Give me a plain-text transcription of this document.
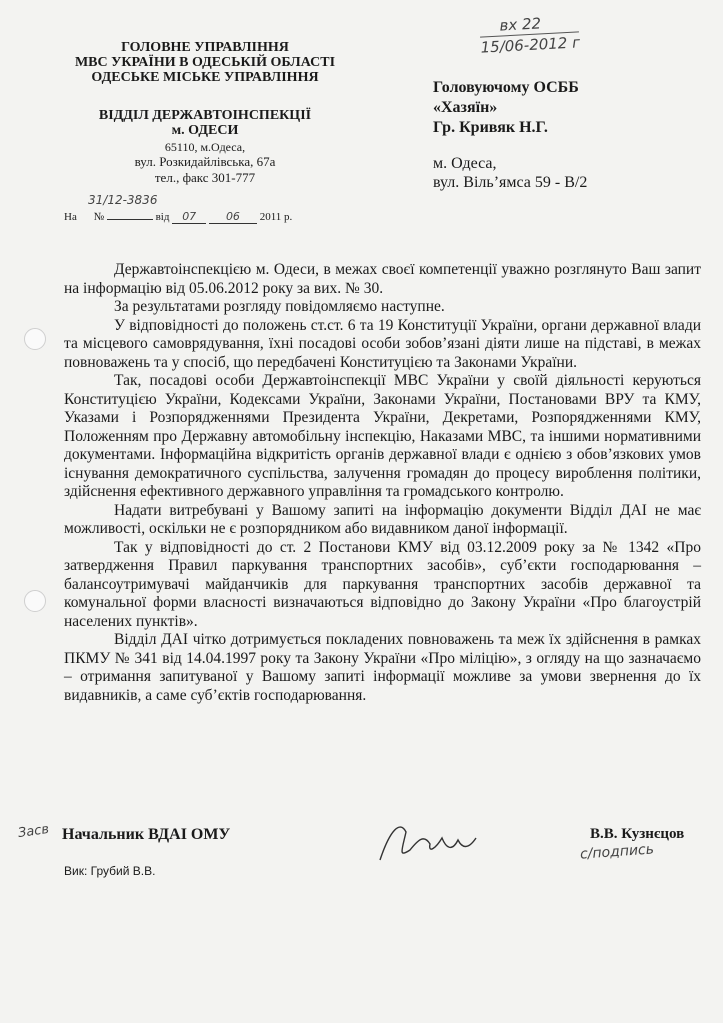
ГОЛОВНЕ УПРАВЛІННЯ
МВС УКРАЇНИ В ОДЕСЬКІЙ ОБЛАСТІ
ОДЕСЬКЕ МІСЬКЕ УПРАВЛІННЯ
ВІДДІЛ ДЕРЖАВТОІНСПЕКЦІЇ
м. ОДЕСИ
65110, м.Одеса,
вул. Розкидайлівська, 67а
тел., факс 301-777
31/12-3836
На №	від 07	06 2011 р.
вх 22
15/06-2012 г
Головуючому ОСББ
«Хазяїн»
Гр. Кривяк Н.Г.
м. Одеса,
вул. Віль’ямса 59 - В/2

Державтоінспекцією м. Одеси, в межах своєї компетенції уважно розглянуто Ваш запит на інформацію від 05.06.2012 року за вих. № 30.

За результатами розгляду повідомляємо наступне.

У відповідності до положень ст.ст. 6 та 19 Конституції України, органи державної влади та місцевого самоврядування, їхні посадові особи зобов’язані діяти лише на підставі, в межах повноважень та у спосіб, що передбачені Конституцією та Законами України.

Так, посадові особи Державтоінспекції МВС України у своїй діяльності керуються Конституцією України, Кодексами України, Законами України, Постановами ВРУ та КМУ, Указами і Розпорядженнями Президента України, Декретами, Розпорядженнями КМУ, Положенням про Державну автомобільну інспекцію, Наказами МВС, та іншими нормативними документами. Інформаційна відкритість органів державної влади є однією з обов’язкових умов існування демократичного суспільства, залучення громадян до процесу вироблення політики, здійснення ефективного державного управління та громадського контролю.

Надати витребувані у Вашому запиті на інформацію документи Відділ ДАІ не має можливості, оскільки не є розпорядником або видавником даної інформації.

Так у відповідності до ст. 2 Постанови КМУ від 03.12.2009 року за № 1342 «Про затвердження Правил паркування транспортних засобів», суб’єкти господарювання – балансоутримувачі майданчиків для паркування транспортних засобів державної та комунальної форми власності визначаються відповідно до Закону України «Про благоустрій населених пунктів».

Відділ ДАІ чітко дотримується покладених повноважень та меж їх здійснення в рамках ПКМУ № 341 від 14.04.1997 року та Закону України «Про міліцію», з огляду на що зазначаємо – отримання запитуваної у Вашому запиті інформації можливе за умови звернення до їх видавників, а саме суб’єктів господарювання.

Засв Начальник ВДАІ ОМУ	В.В. Кузнєцов
с/подпись
Вик: Грубий В.В.
